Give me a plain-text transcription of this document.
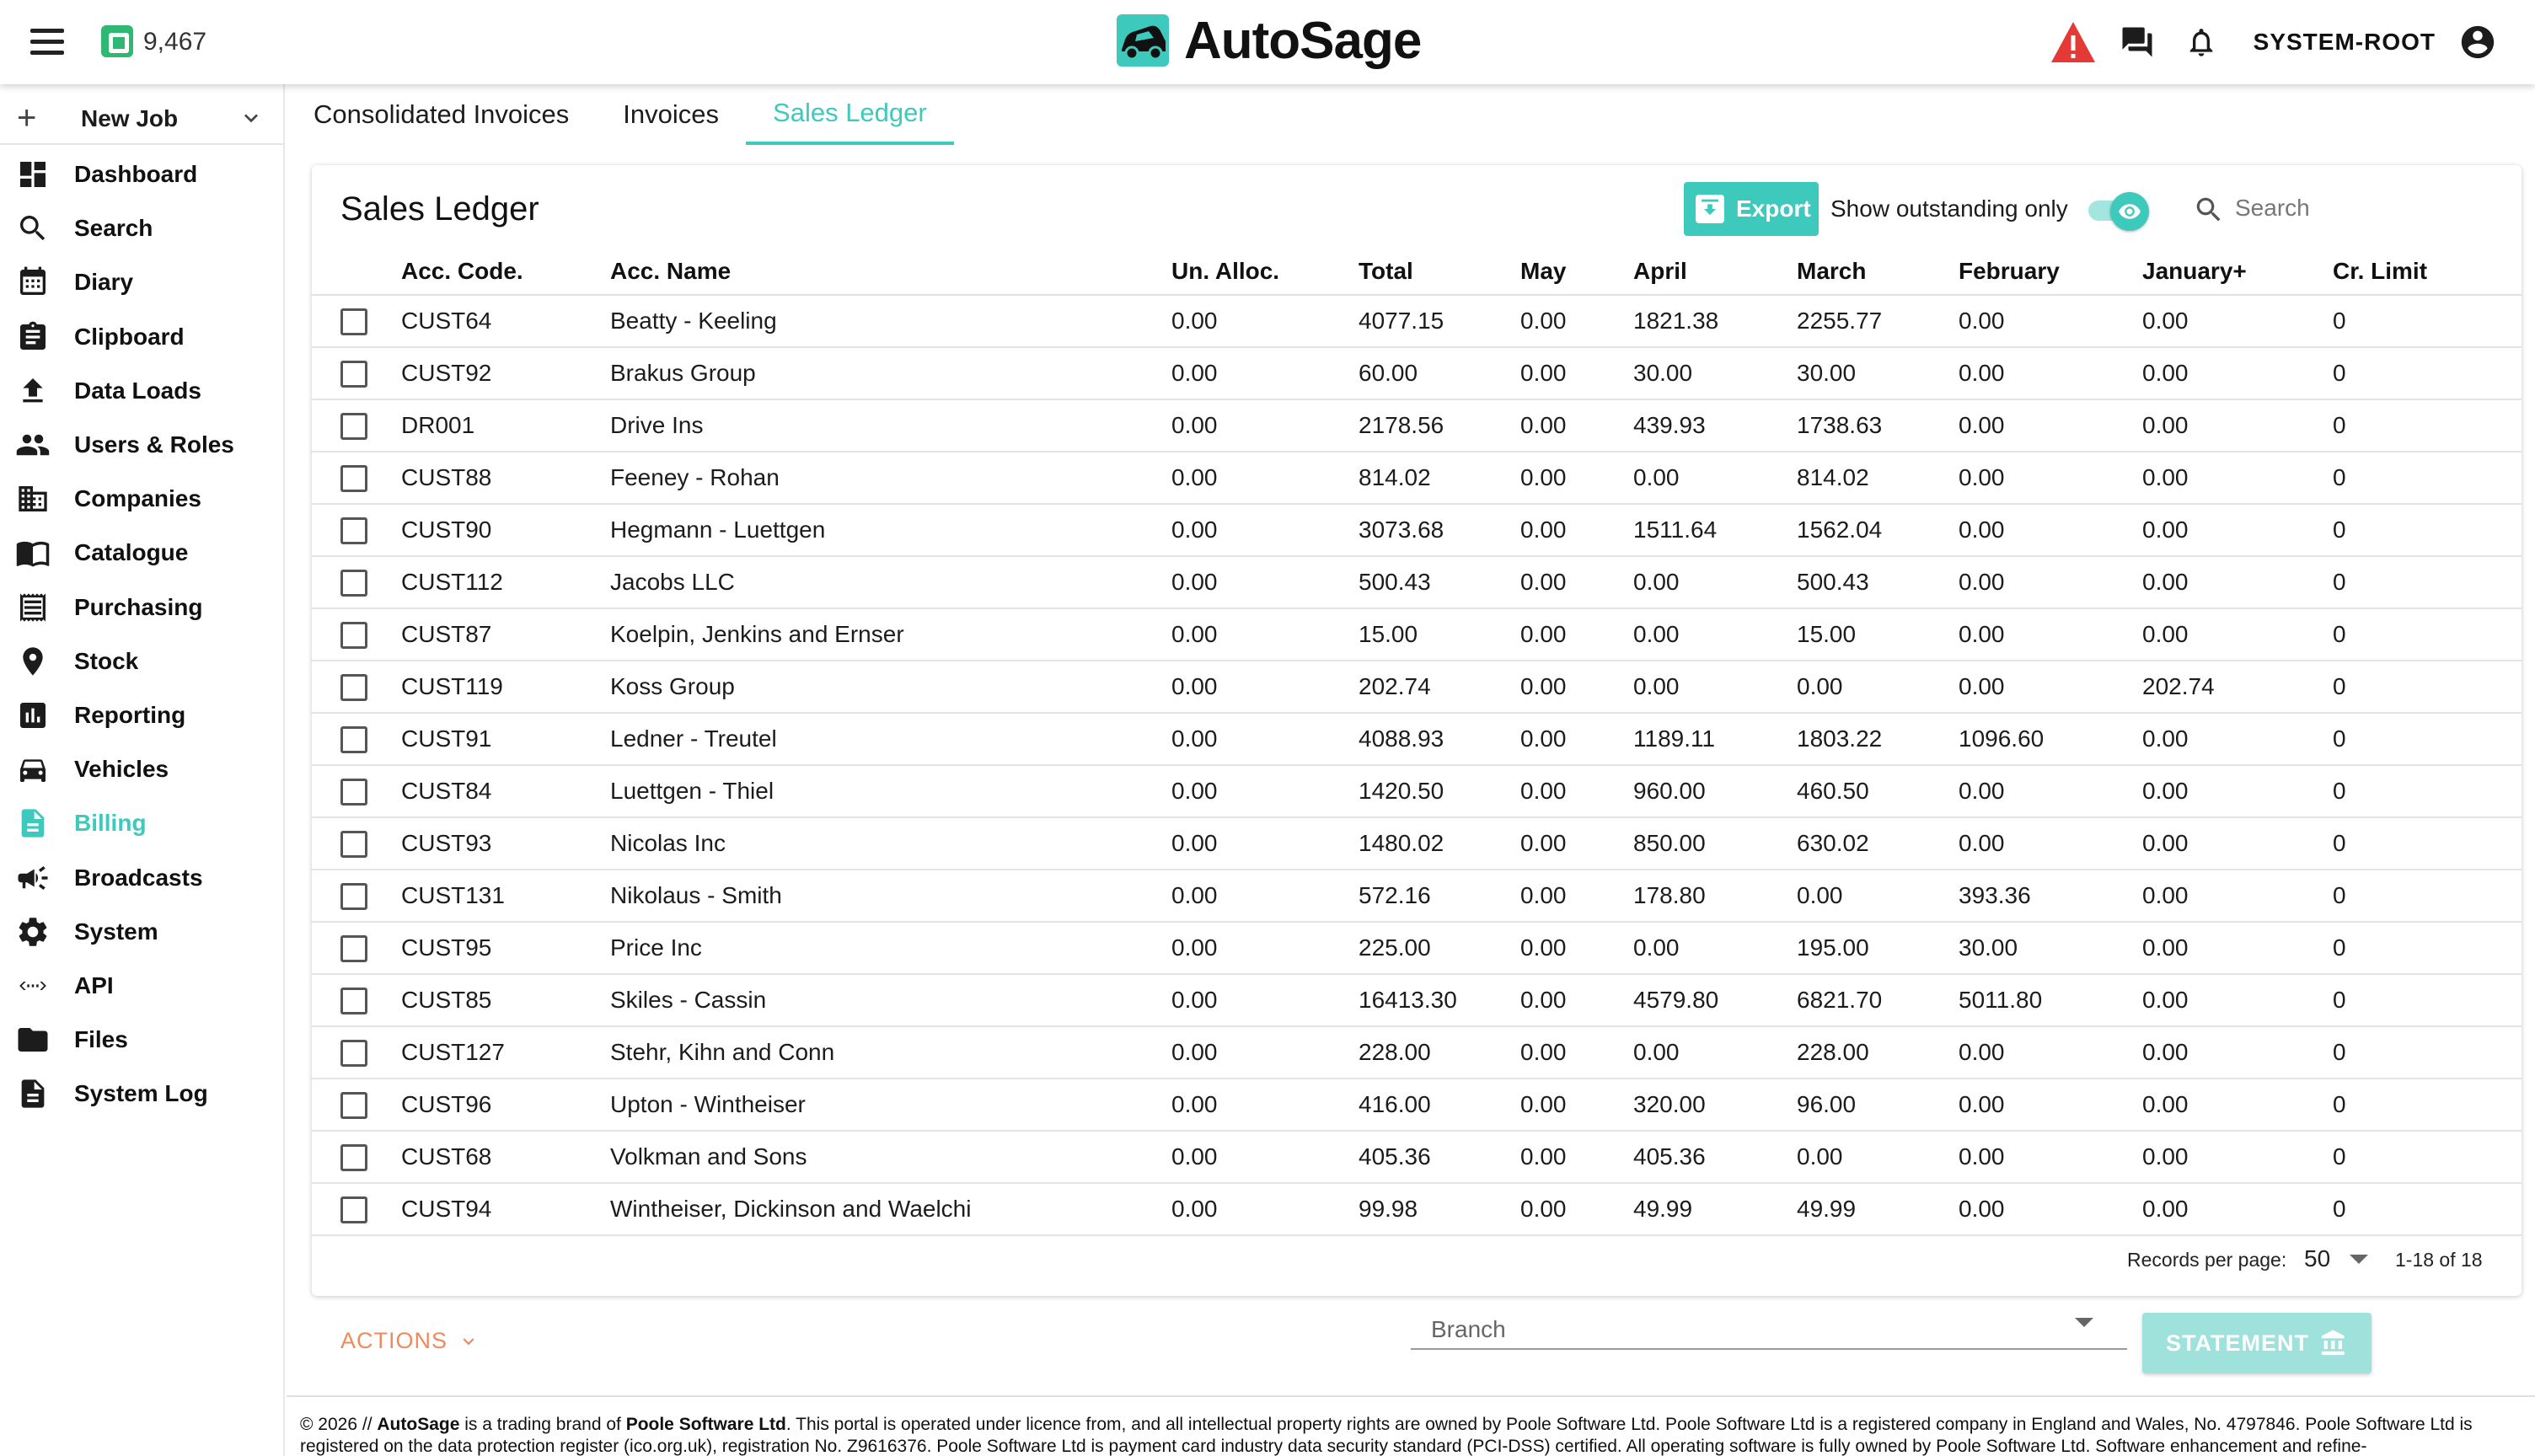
9,467	AutoSage	SYSTEM-ROOT
+ New Job
Dashboard
Search
Diary
Clipboard
Data Loads
Users & Roles
Companies
Catalogue
Purchasing
Stock
Reporting
Vehicles
Billing
Broadcasts
System
API
Files
System Log
Consolidated Invoices	Invoices	Sales Ledger
Sales Ledger	Export Show outstanding only
Search
	Acc. Code.	Acc. Name	Un. Alloc.	Total	May	April	March	February	January+	Cr. Limit
	CUST64	Beatty - Keeling	0.00	4077.15	0.00	1821.38	2255.77	0.00	0.00	0
	CUST92	Brakus Group	0.00	60.00	0.00	30.00	30.00	0.00	0.00	0
	DR001	Drive Ins	0.00	2178.56	0.00	439.93	1738.63	0.00	0.00	0
	CUST88	Feeney - Rohan	0.00	814.02	0.00	0.00	814.02	0.00	0.00	0
	CUST90	Hegmann - Luettgen	0.00	3073.68	0.00	1511.64	1562.04	0.00	0.00	0
	CUST112	Jacobs LLC	0.00	500.43	0.00	0.00	500.43	0.00	0.00	0
	CUST87	Koelpin, Jenkins and Ernser	0.00	15.00	0.00	0.00	15.00	0.00	0.00	0
	CUST119	Koss Group	0.00	202.74	0.00	0.00	0.00	0.00	202.74	0
	CUST91	Ledner - Treutel	0.00	4088.93	0.00	1189.11	1803.22	1096.60	0.00	0
	CUST84	Luettgen - Thiel	0.00	1420.50	0.00	960.00	460.50	0.00	0.00	0
	CUST93	Nicolas Inc	0.00	1480.02	0.00	850.00	630.02	0.00	0.00	0
	CUST131	Nikolaus - Smith	0.00	572.16	0.00	178.80	0.00	393.36	0.00	0
	CUST95	Price Inc	0.00	225.00	0.00	0.00	195.00	30.00	0.00	0
	CUST85	Skiles - Cassin	0.00	16413.30	0.00	4579.80	6821.70	5011.80	0.00	0
	CUST127	Stehr, Kihn and Conn	0.00	228.00	0.00	0.00	228.00	0.00	0.00	0
	CUST96	Upton - Wintheiser	0.00	416.00	0.00	320.00	96.00	0.00	0.00	0
	CUST68	Volkman and Sons	0.00	405.36	0.00	405.36	0.00	0.00	0.00	0
	CUST94	Wintheiser, Dickinson and Waelchi	0.00	99.98	0.00	49.99	49.99	0.00	0.00	0
Records per page: 50	1-18 of 18
ACTIONS	Branch
STATEMENT
© 2026 // AutoSage is a trading brand of Poole Software Ltd. This portal is operated under licence from, and all intellectual property rights are owned by Poole Software Ltd. Poole Software Ltd is a registered company in England and Wales, No. 4797846. Poole Software Ltd is registered on the data protection register (ico.org.uk), registration No. Z9616376. Poole Software Ltd is payment card industry data security standard (PCI-DSS) certified. All operating software is fully owned by Poole Software Ltd. Software enhancement and refine-
